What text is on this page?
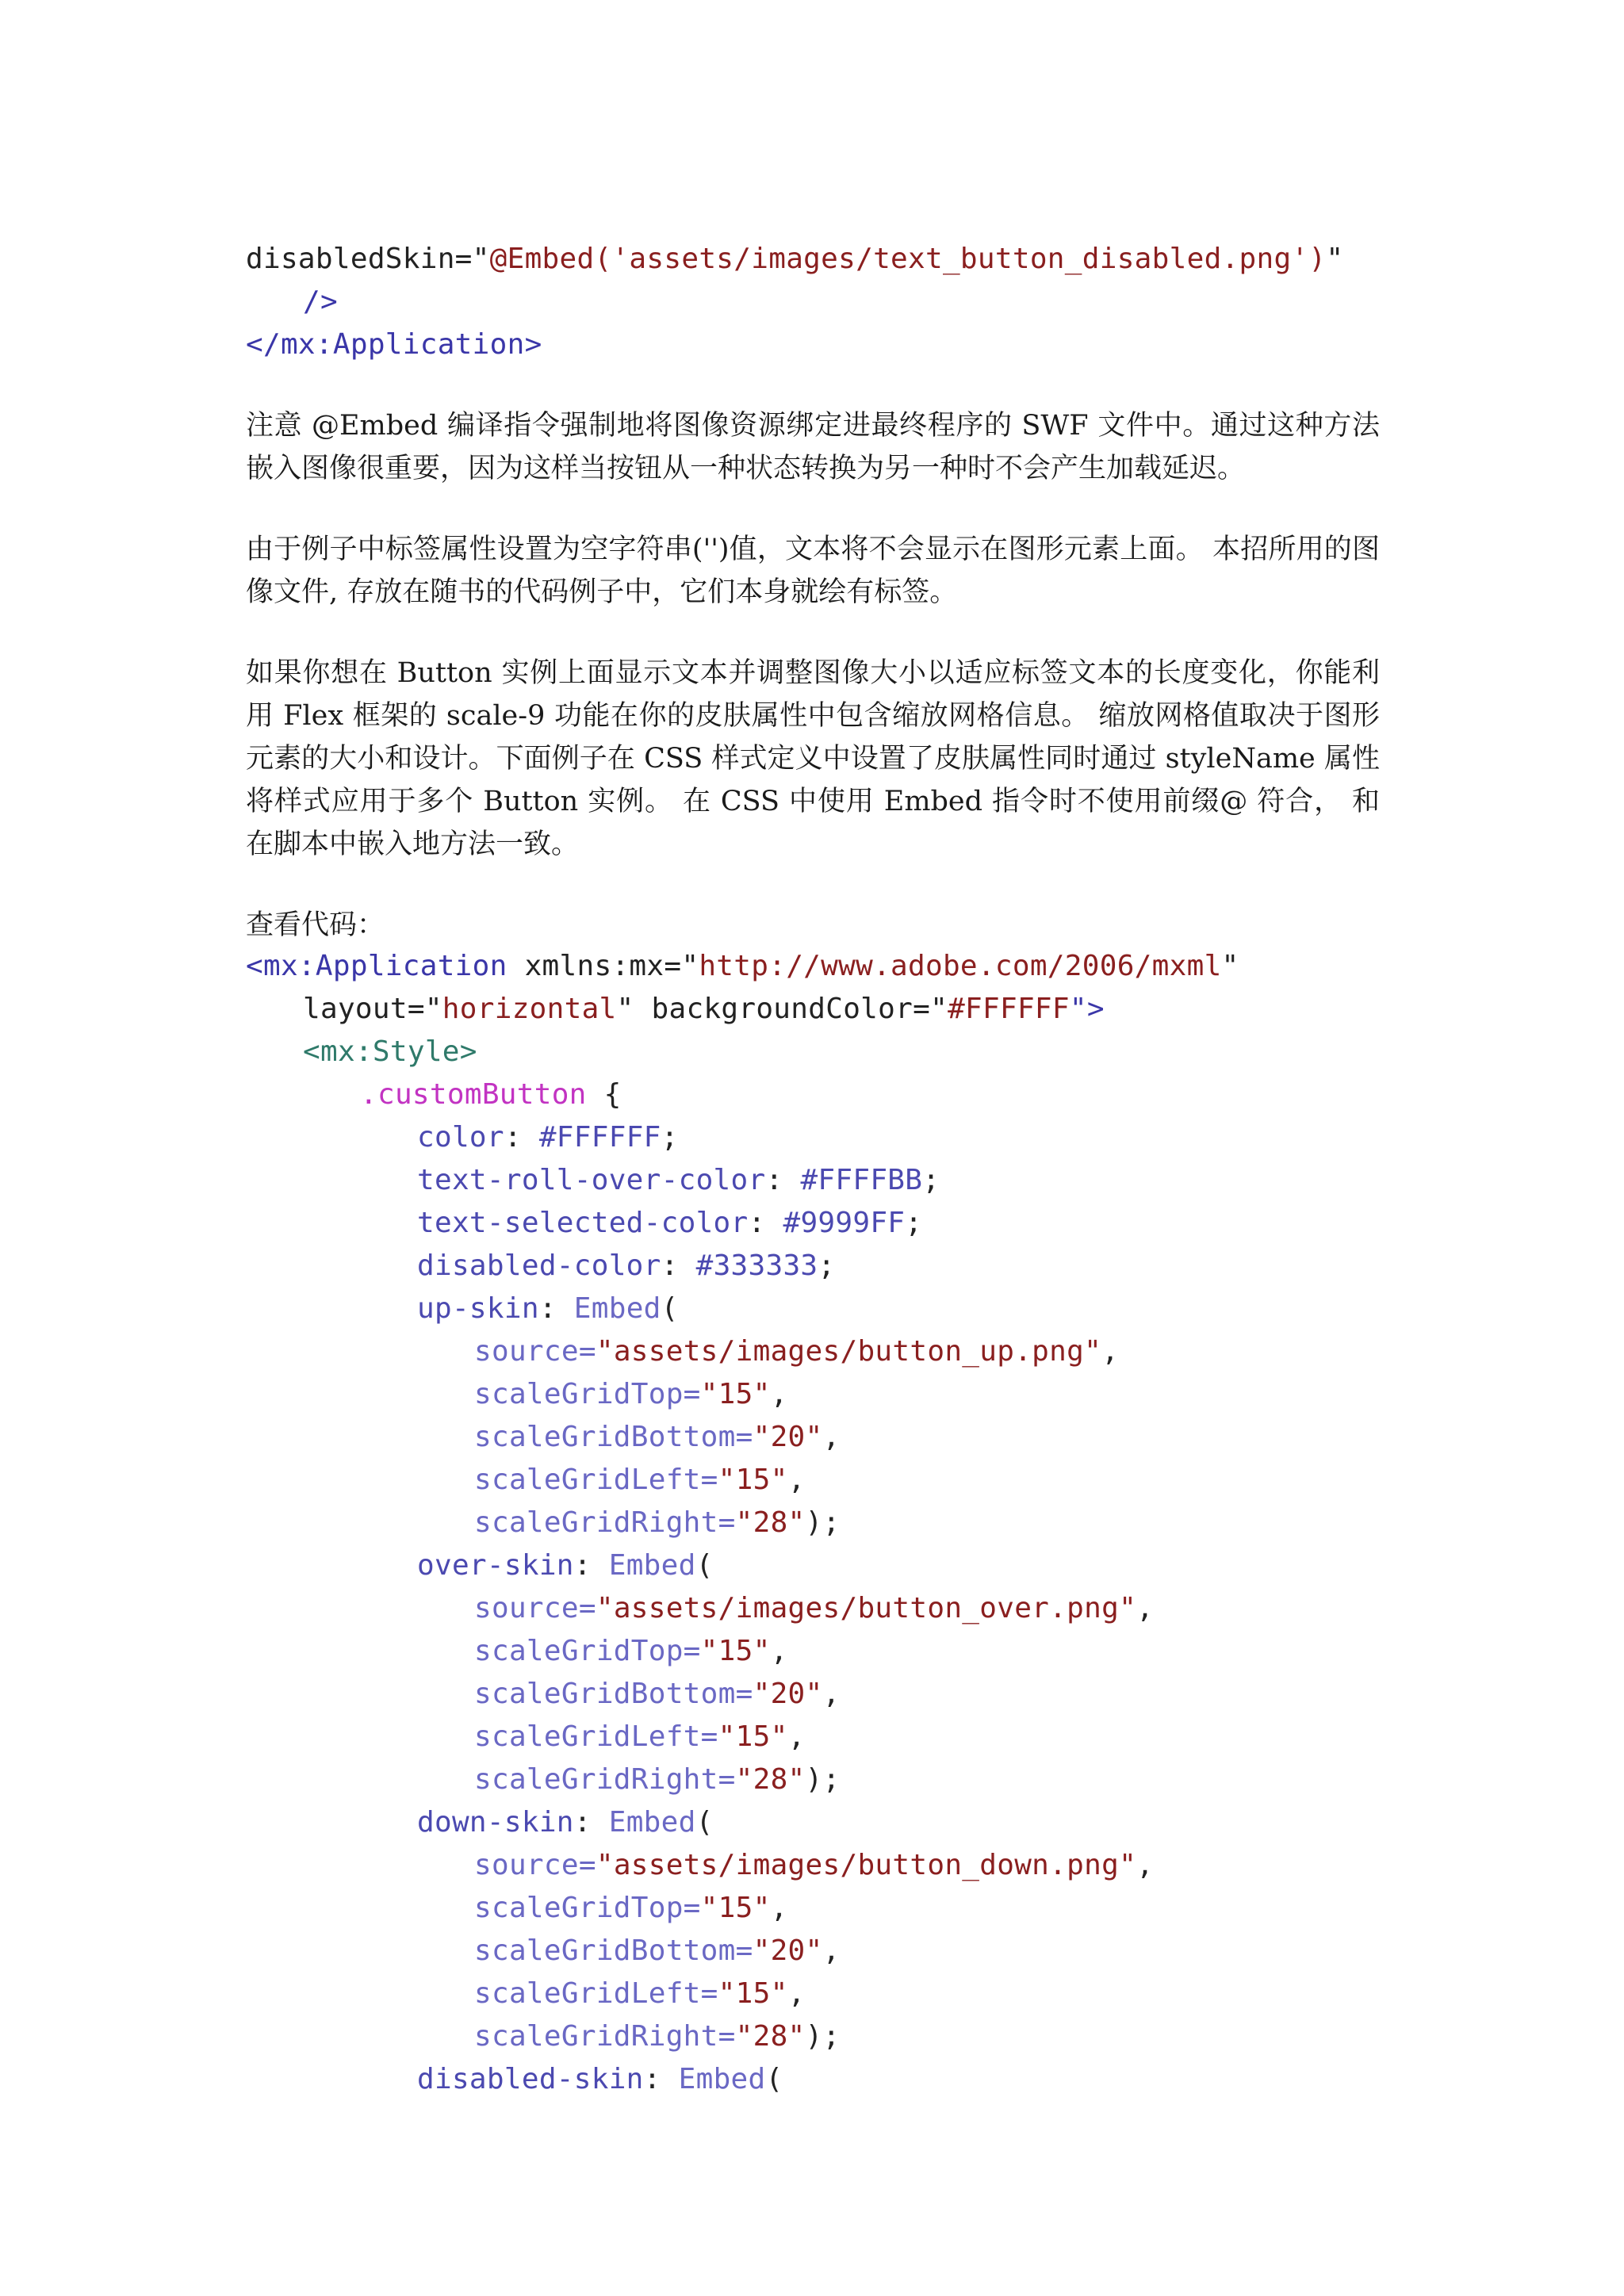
disabledSkin="@Embed('assets/images/text_button_disabled.png')"
/>
</mx:Application>
注意 @Embed 编译指令强制地将图像资源绑定进最终程序的 SWF 文件中。通过这种方法嵌入图像很重要，因为这样当按钮从一种状态转换为另一种时不会产生加载延迟。
由于例子中标签属性设置为空字符串('')值，文本将不会显示在图形元素上面。 本招所用的图像文件, 存放在随书的代码例子中，它们本身就绘有标签。
如果你想在 Button 实例上面显示文本并调整图像大小以适应标签文本的长度变化，你能利用 Flex 框架的 scale-9 功能在你的皮肤属性中包含缩放网格信息。 缩放网格值取决于图形元素的大小和设计。下面例子在 CSS 样式定义中设置了皮肤属性同时通过 styleName 属性将样式应用于多个 Button 实例。 在 CSS 中使用 Embed 指令时不使用前缀@ 符合， 和在脚本中嵌入地方法一致。
查看代码：
<mx:Application xmlns:mx="http://www.adobe.com/2006/mxml"
layout="horizontal" backgroundColor="#FFFFFF">
<mx:Style>
.customButton {
color: #FFFFFF;
text-roll-over-color: #FFFFBB;
text-selected-color: #9999FF;
disabled-color: #333333;
up-skin: Embed(
source="assets/images/button_up.png",
scaleGridTop="15",
scaleGridBottom="20",
scaleGridLeft="15",
scaleGridRight="28");
over-skin: Embed(
source="assets/images/button_over.png",
scaleGridTop="15",
scaleGridBottom="20",
scaleGridLeft="15",
scaleGridRight="28");
down-skin: Embed(
source="assets/images/button_down.png",
scaleGridTop="15",
scaleGridBottom="20",
scaleGridLeft="15",
scaleGridRight="28");
disabled-skin: Embed(
